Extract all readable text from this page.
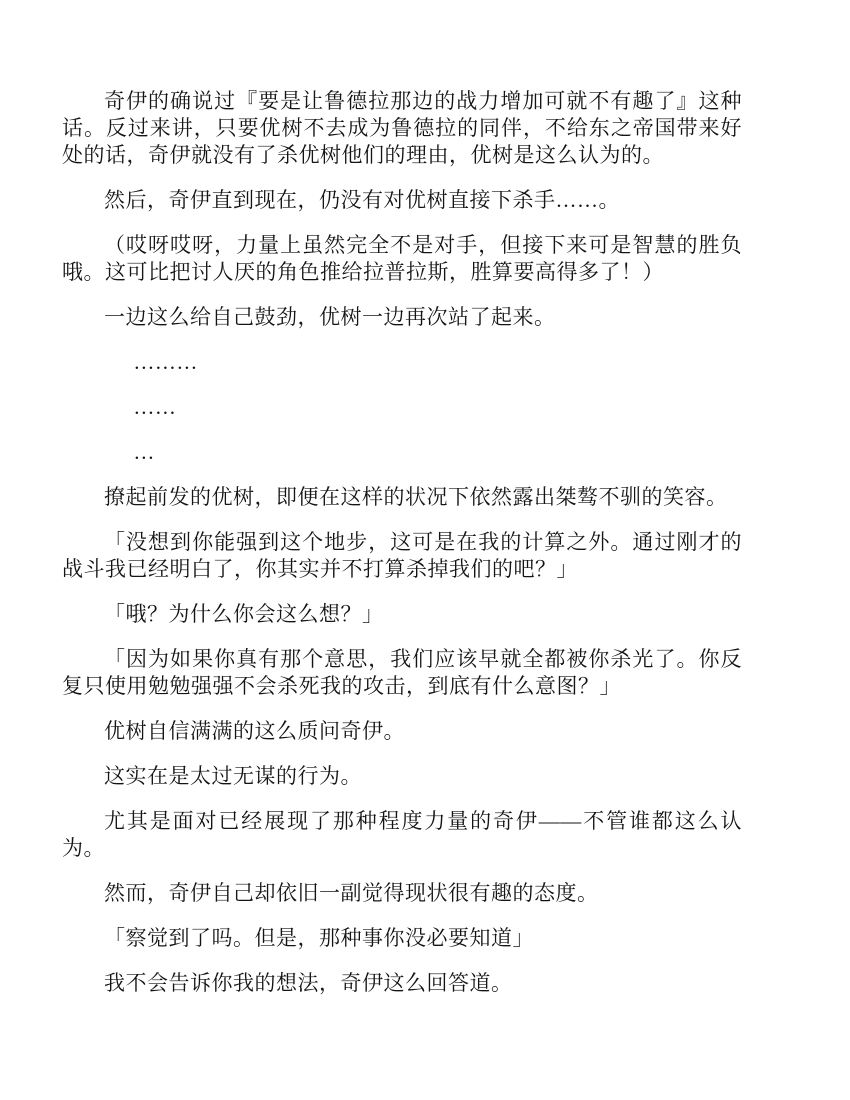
奇伊的确说过『要是让鲁德拉那边的战力增加可就不有趣了』这种话。反过来讲，只要优树不去成为鲁德拉的同伴，不给东之帝国带来好处的话，奇伊就没有了杀优树他们的理由，优树是这么认为的。

然后，奇伊直到现在，仍没有对优树直接下杀手……。

（哎呀哎呀，力量上虽然完全不是对手，但接下来可是智慧的胜负哦。这可比把讨人厌的角色推给拉普拉斯，胜算要高得多了！）

一边这么给自己鼓劲，优树一边再次站了起来。

………

……

…

撩起前发的优树，即便在这样的状况下依然露出桀骜不驯的笑容。

「没想到你能强到这个地步，这可是在我的计算之外。通过刚才的战斗我已经明白了，你其实并不打算杀掉我们的吧？」

「哦？为什么你会这么想？」

「因为如果你真有那个意思，我们应该早就全都被你杀光了。你反复只使用勉勉强强不会杀死我的攻击，到底有什么意图？」

优树自信满满的这么质问奇伊。

这实在是太过无谋的行为。

尤其是面对已经展现了那种程度力量的奇伊——不管谁都这么认为。

然而，奇伊自己却依旧一副觉得现状很有趣的态度。

「察觉到了吗。但是，那种事你没必要知道」

我不会告诉你我的想法，奇伊这么回答道。
